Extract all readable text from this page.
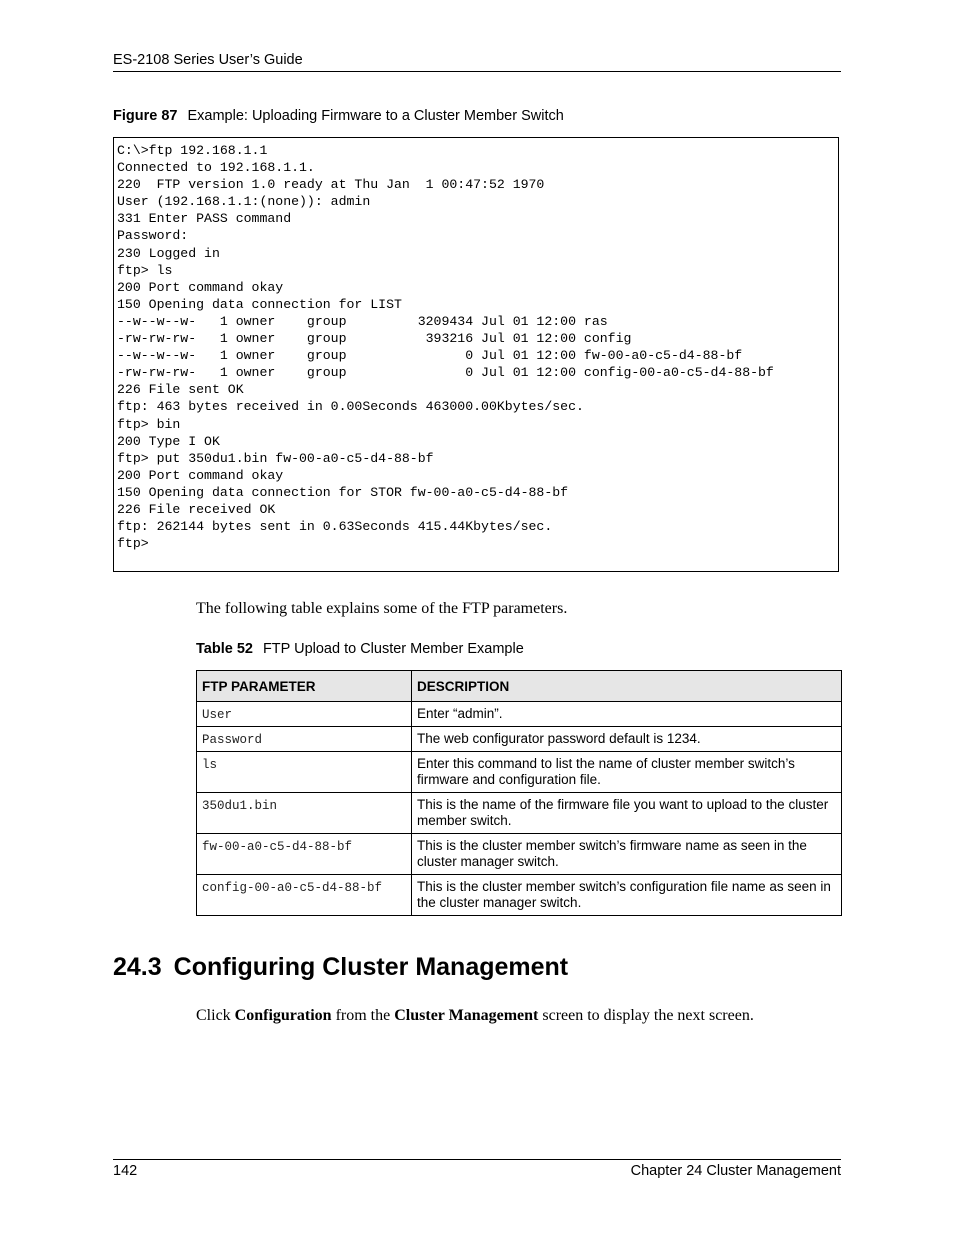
ES-2108 Series User’s Guide
Figure 87 Example: Uploading Firmware to a Cluster Member Switch
C:\>ftp 192.168.1.1
Connected to 192.168.1.1.
220  FTP version 1.0 ready at Thu Jan  1 00:47:52 1970
User (192.168.1.1:(none)): admin
331 Enter PASS command
Password:
230 Logged in
ftp> ls
200 Port command okay
150 Opening data connection for LIST
--w--w--w-   1 owner    group         3209434 Jul 01 12:00 ras
-rw-rw-rw-   1 owner    group          393216 Jul 01 12:00 config
--w--w--w-   1 owner    group               0 Jul 01 12:00 fw-00-a0-c5-d4-88-bf
-rw-rw-rw-   1 owner    group               0 Jul 01 12:00 config-00-a0-c5-d4-88-bf
226 File sent OK
ftp: 463 bytes received in 0.00Seconds 463000.00Kbytes/sec.
ftp> bin
200 Type I OK
ftp> put 350du1.bin fw-00-a0-c5-d4-88-bf
200 Port command okay
150 Opening data connection for STOR fw-00-a0-c5-d4-88-bf
226 File received OK
ftp: 262144 bytes sent in 0.63Seconds 415.44Kbytes/sec.
ftp>
The following table explains some of the FTP parameters.
Table 52 FTP Upload to Cluster Member Example
FTP PARAMETER	DESCRIPTION
User	Enter “admin”.
Password	The web configurator password default is 1234.
ls	Enter this command to list the name of cluster member switch’s firmware and configuration file.
350du1.bin	This is the name of the firmware file you want to upload to the cluster member switch.
fw-00-a0-c5-d4-88-bf	This is the cluster member switch’s firmware name as seen in the cluster manager switch.
config-00-a0-c5-d4-88-bf	This is the cluster member switch’s configuration file name as seen in the cluster manager switch.
24.3 Configuring Cluster Management
Click Configuration from the Cluster Management screen to display the next screen.
142	Chapter 24 Cluster Management
